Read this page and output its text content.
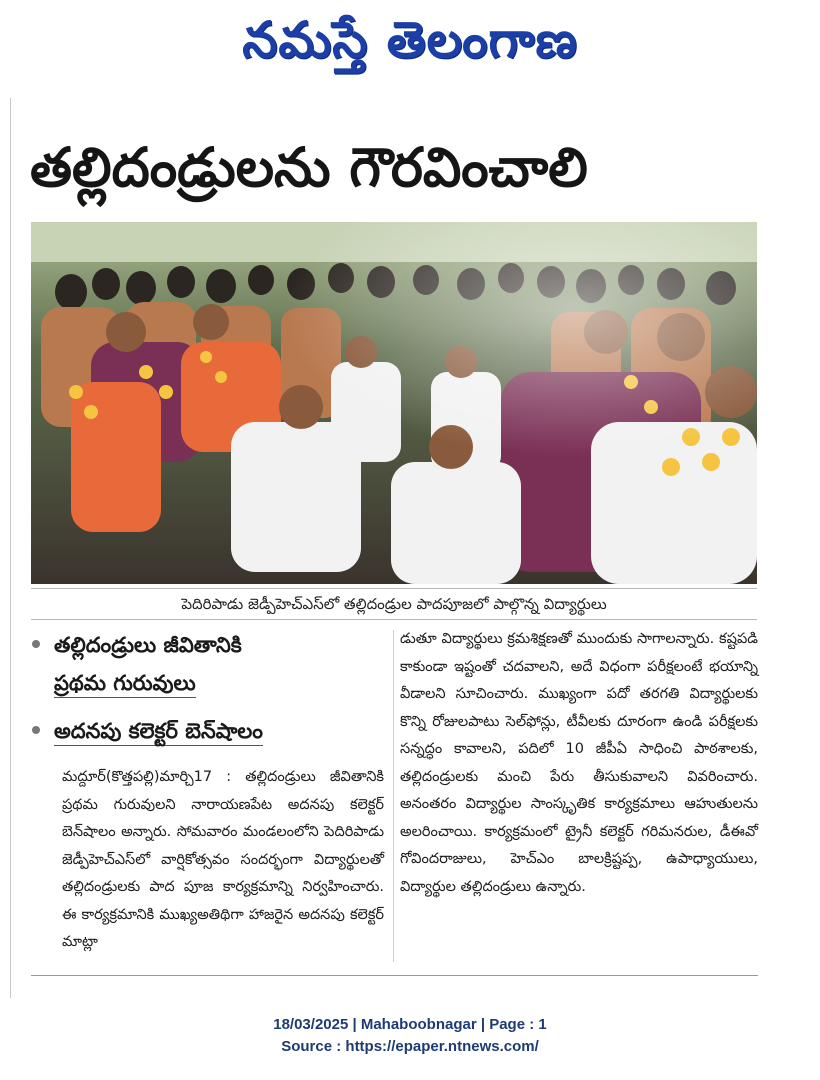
నమస్తే తెలంగాణ
తల్లిదండ్రులను గౌరవించాలి
పెదిరిపాడు జెడ్పీహెచ్ఎస్‌లో తల్లిదండ్రుల పాదపూజలో పాల్గొన్న విద్యార్థులు
తల్లిదండ్రులు జీవితానికి
ప్రథమ గురువులు
అదనపు కలెక్టర్ బెన్‌షాలం
మద్దూర్(కొత్తపల్లి)మార్చి17 : తల్లిదండ్రులు జీవితానికి ప్రథమ గురువులని నారాయణపేట అదనపు కలెక్టర్ బెన్‌షాలం అన్నారు. సోమవారం మండలంలోని పెదిరిపాడు జెడ్పీహెచ్‌ఎస్‌లో వార్షికోత్సవం సందర్భంగా విద్యార్థులతో తల్లిదండ్రులకు పాద పూజ కార్యక్రమాన్ని నిర్వహించారు. ఈ కార్యక్రమానికి ముఖ్యఅతిథిగా హాజరైన అదనపు కలెక్టర్ మాట్లా
డుతూ విద్యార్థులు క్రమశిక్షణతో ముందుకు సాగాలన్నారు. కష్టపడి కాకుండా ఇష్టంతో చదవాలని, అదే విధంగా పరీక్షలంటే భయాన్ని వీడాలని సూచించారు. ముఖ్యంగా పదో తరగతి విద్యార్థులకు కొన్ని రోజులపాటు సెల్‌ఫోన్లు, టీవీలకు దూరంగా ఉండి పరీక్షలకు సన్నద్ధం కావాలని, పదిలో 10 జీపీఏ సాధించి పాఠశాలకు, తల్లిదండ్రులకు మంచి పేరు తీసుకువాలని వివరించారు. అనంతరం విద్యార్థుల సాంస్కృతిక కార్యక్రమాలు ఆహుతులను అలరించాయి. కార్యక్రమంలో ట్రైనీ కలెక్టర్ గరిమనరుల, డీఈవో గోవిందరాజులు, హెచ్‌ఎం బాలక్రిష్టప్ప, ఉపాధ్యాయులు, విద్యార్థుల తల్లిదండ్రులు ఉన్నారు.
18/03/2025 | Mahaboobnagar | Page : 1
Source : https://epaper.ntnews.com/
